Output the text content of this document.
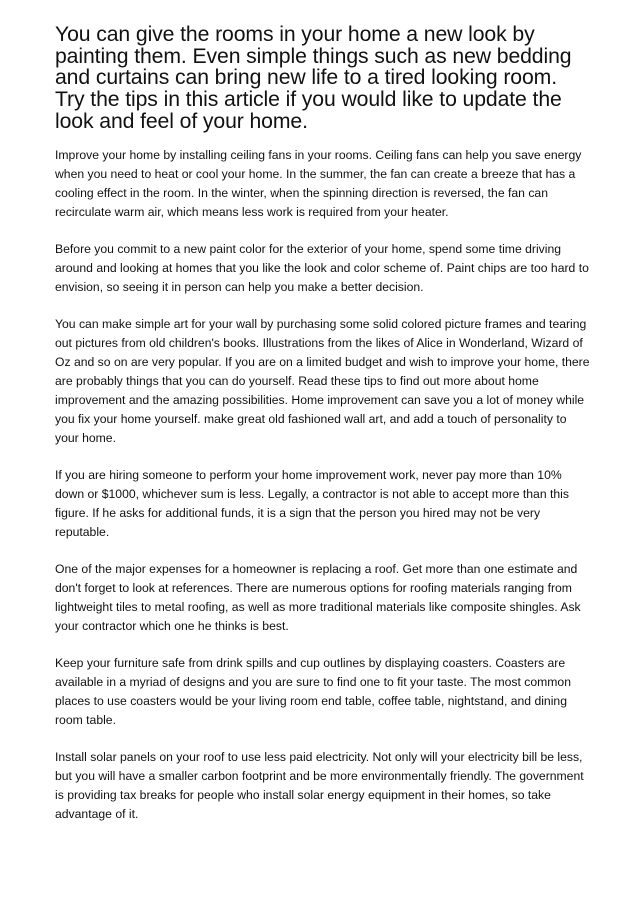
You can give the rooms in your home a new look by painting them. Even simple things such as new bedding and curtains can bring new life to a tired looking room. Try the tips in this article if you would like to update the look and feel of your home.

Improve your home by installing ceiling fans in your rooms. Ceiling fans can help you save energy when you need to heat or cool your home. In the summer, the fan can create a breeze that has a cooling effect in the room. In the winter, when the spinning direction is reversed, the fan can recirculate warm air, which means less work is required from your heater.

Before you commit to a new paint color for the exterior of your home, spend some time driving around and looking at homes that you like the look and color scheme of. Paint chips are too hard to envision, so seeing it in person can help you make a better decision.

You can make simple art for your wall by purchasing some solid colored picture frames and tearing out pictures from old children's books. Illustrations from the likes of Alice in Wonderland, Wizard of Oz and so on are very popular. If you are on a limited budget and wish to improve your home, there are probably things that you can do yourself. Read these tips to find out more about home improvement and the amazing possibilities. Home improvement can save you a lot of money while you fix your home yourself. make great old fashioned wall art, and add a touch of personality to your home.

If you are hiring someone to perform your home improvement work, never pay more than 10% down or $1000, whichever sum is less. Legally, a contractor is not able to accept more than this figure. If he asks for additional funds, it is a sign that the person you hired may not be very reputable.

One of the major expenses for a homeowner is replacing a roof. Get more than one estimate and don't forget to look at references. There are numerous options for roofing materials ranging from lightweight tiles to metal roofing, as well as more traditional materials like composite shingles. Ask your contractor which one he thinks is best.

Keep your furniture safe from drink spills and cup outlines by displaying coasters. Coasters are available in a myriad of designs and you are sure to find one to fit your taste. The most common places to use coasters would be your living room end table, coffee table, nightstand, and dining room table.

Install solar panels on your roof to use less paid electricity. Not only will your electricity bill be less, but you will have a smaller carbon footprint and be more environmentally friendly. The government is providing tax breaks for people who install solar energy equipment in their homes, so take advantage of it.
